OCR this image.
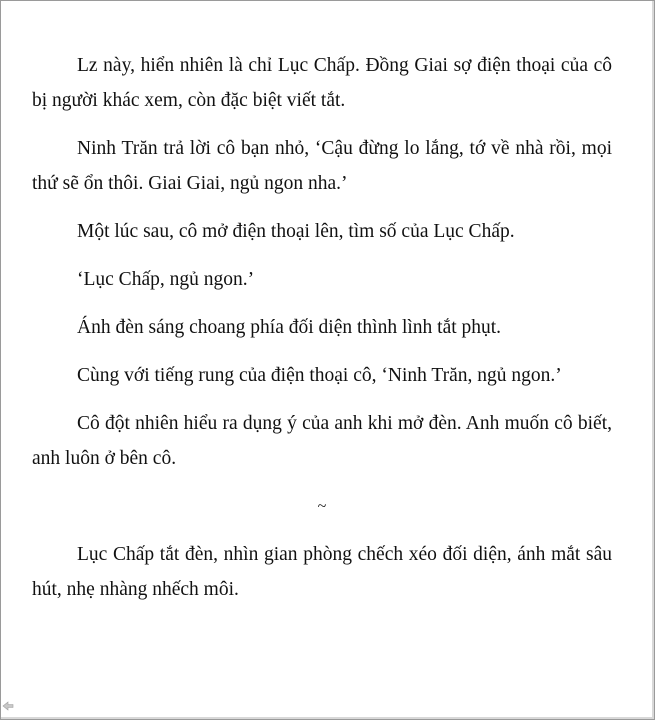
Lz này, hiển nhiên là chỉ Lục Chấp. Đồng Giai sợ điện thoại của cô bị người khác xem, còn đặc biệt viết tắt.

Ninh Trăn trả lời cô bạn nhỏ, ‘Cậu đừng lo lắng, tớ về nhà rồi, mọi thứ sẽ ổn thôi. Giai Giai, ngủ ngon nha.’

Một lúc sau, cô mở điện thoại lên, tìm số của Lục Chấp.

‘Lục Chấp, ngủ ngon.’

Ánh đèn sáng choang phía đối diện thình lình tắt phụt.

Cùng với tiếng rung của điện thoại cô, ‘Ninh Trăn, ngủ ngon.’

Cô đột nhiên hiểu ra dụng ý của anh khi mở đèn. Anh muốn cô biết, anh luôn ở bên cô.

~

Lục Chấp tắt đèn, nhìn gian phòng chếch xéo đối diện, ánh mắt sâu hút, nhẹ nhàng nhếch môi.
